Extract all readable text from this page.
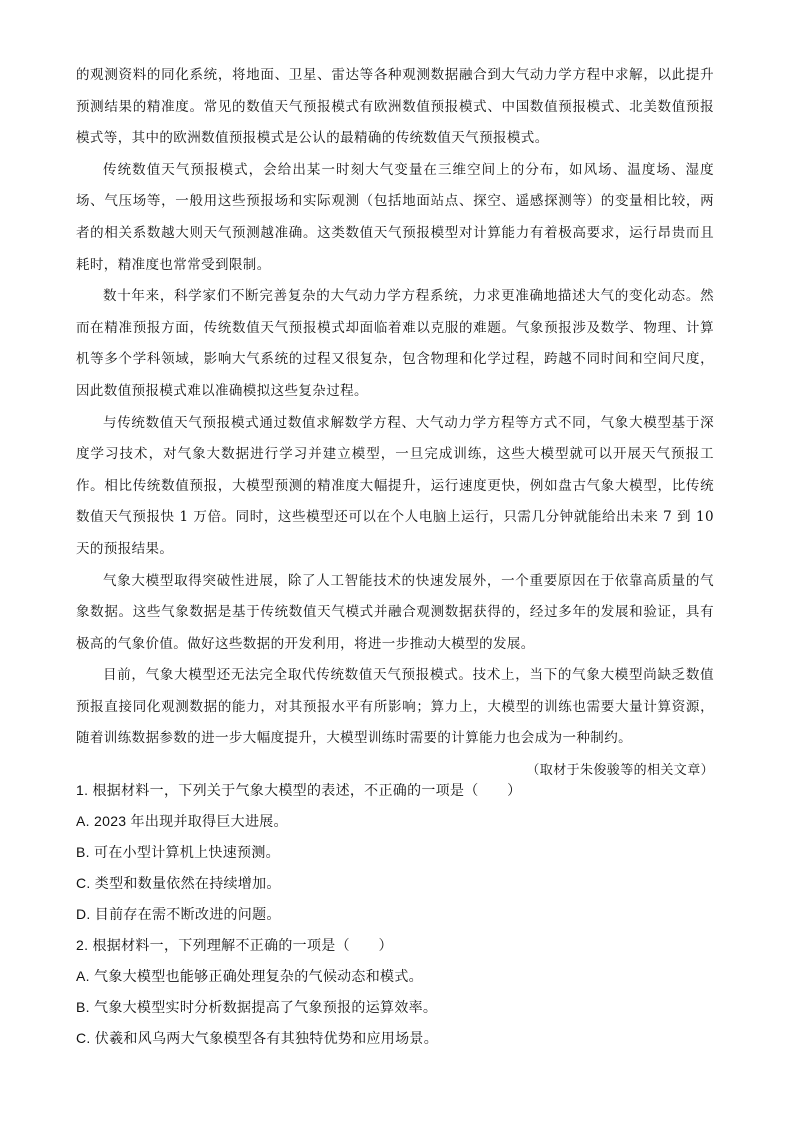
的观测资料的同化系统，将地面、卫星、雷达等各种观测数据融合到大气动力学方程中求解，以此提升预测结果的精准度。常见的数值天气预报模式有欧洲数值预报模式、中国数值预报模式、北美数值预报模式等，其中的欧洲数值预报模式是公认的最精确的传统数值天气预报模式。

传统数值天气预报模式，会给出某一时刻大气变量在三维空间上的分布，如风场、温度场、湿度场、气压场等，一般用这些预报场和实际观测（包括地面站点、探空、遥感探测等）的变量相比较，两者的相关系数越大则天气预测越准确。这类数值天气预报模型对计算能力有着极高要求，运行昂贵而且耗时，精准度也常常受到限制。

数十年来，科学家们不断完善复杂的大气动力学方程系统，力求更准确地描述大气的变化动态。然而在精准预报方面，传统数值天气预报模式却面临着难以克服的难题。气象预报涉及数学、物理、计算机等多个学科领域，影响大气系统的过程又很复杂，包含物理和化学过程，跨越不同时间和空间尺度，因此数值预报模式难以准确模拟这些复杂过程。

与传统数值天气预报模式通过数值求解数学方程、大气动力学方程等方式不同，气象大模型基于深度学习技术，对气象大数据进行学习并建立模型，一旦完成训练，这些大模型就可以开展天气预报工作。相比传统数值预报，大模型预测的精准度大幅提升，运行速度更快，例如盘古气象大模型，比传统数值天气预报快 1 万倍。同时，这些模型还可以在个人电脑上运行，只需几分钟就能给出未来 7 到 10 天的预报结果。

气象大模型取得突破性进展，除了人工智能技术的快速发展外，一个重要原因在于依靠高质量的气象数据。这些气象数据是基于传统数值天气模式并融合观测数据获得的，经过多年的发展和验证，具有极高的气象价值。做好这些数据的开发利用，将进一步推动大模型的发展。

目前，气象大模型还无法完全取代传统数值天气预报模式。技术上，当下的气象大模型尚缺乏数值预报直接同化观测数据的能力，对其预报水平有所影响；算力上，大模型的训练也需要大量计算资源，随着训练数据参数的进一步大幅度提升，大模型训练时需要的计算能力也会成为一种制约。

（取材于朱俊骏等的相关文章）

1. 根据材料一，下列关于气象大模型的表述，不正确的一项是（　　）

A. 2023 年出现并取得巨大进展。

B. 可在小型计算机上快速预测。

C. 类型和数量依然在持续增加。

D. 目前存在需不断改进的问题。

2. 根据材料一，下列理解不正确的一项是（　　）

A. 气象大模型也能够正确处理复杂的气候动态和模式。

B. 气象大模型实时分析数据提高了气象预报的运算效率。

C. 伏羲和风乌两大气象模型各有其独特优势和应用场景。
